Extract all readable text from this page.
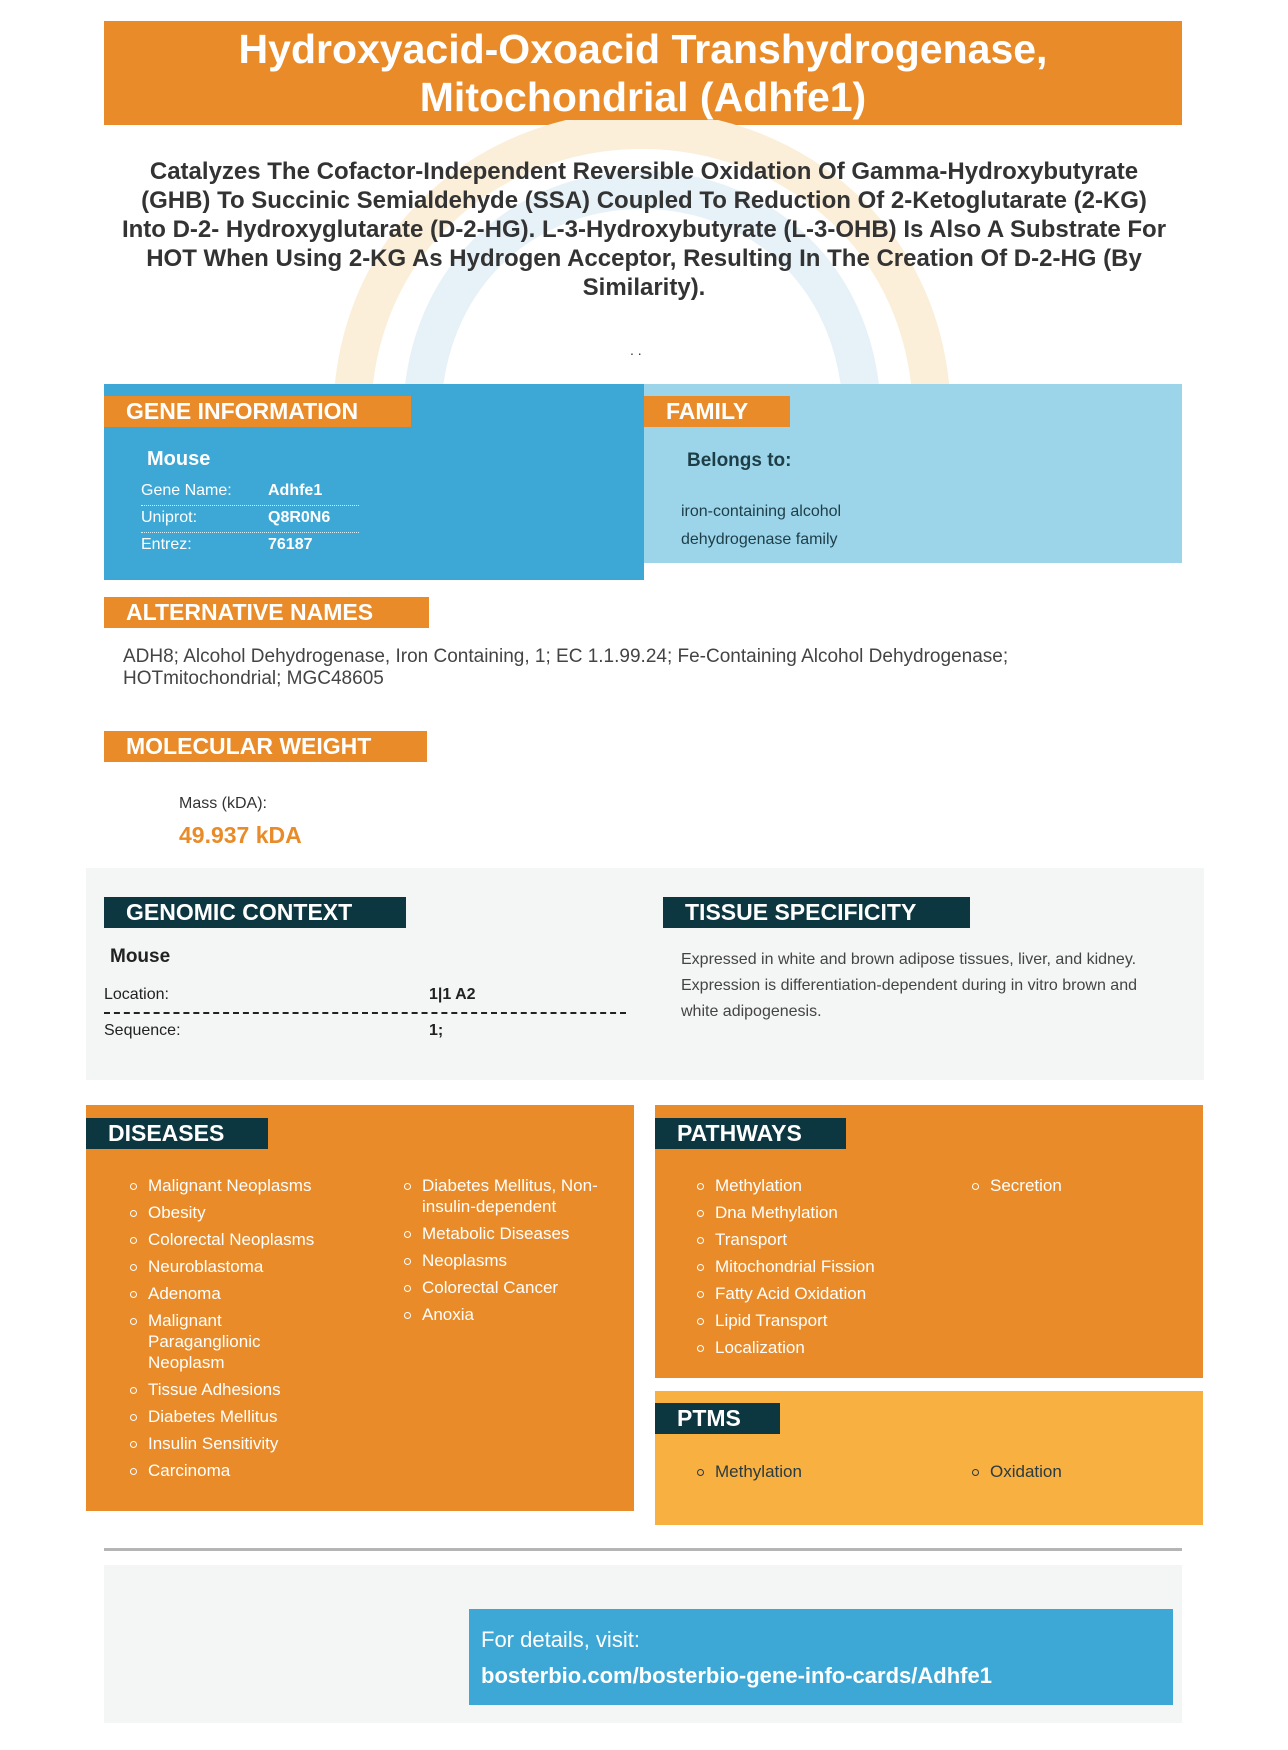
Hydroxyacid-Oxoacid Transhydrogenase, Mitochondrial (Adhfe1)
Catalyzes The Cofactor-Independent Reversible Oxidation Of Gamma-Hydroxybutyrate (GHB) To Succinic Semialdehyde (SSA) Coupled To Reduction Of 2-Ketoglutarate (2-KG) Into D-2- Hydroxyglutarate (D-2-HG). L-3-Hydroxybutyrate (L-3-OHB) Is Also A Substrate For HOT When Using 2-KG As Hydrogen Acceptor, Resulting In The Creation Of D-2-HG (By Similarity).
. .
GENE INFORMATION
Mouse
Gene Name: Adhfe1
Uniprot:	Q8R0N6
Entrez:	76187
FAMILY
Belongs to:
iron-containing alcohol dehydrogenase family
ALTERNATIVE NAMES
ADH8; Alcohol Dehydrogenase, Iron Containing, 1; EC 1.1.99.24; Fe-Containing Alcohol Dehydrogenase; HOTmitochondrial; MGC48605
MOLECULAR WEIGHT
Mass (kDA):
49.937 kDA
GENOMIC CONTEXT
Mouse
Location:	1|1 A2
Sequence:	1;
TISSUE SPECIFICITY
Expressed in white and brown adipose tissues, liver, and kidney. Expression is differentiation-dependent during in vitro brown and white adipogenesis.
DISEASES
Malignant Neoplasms
Obesity
Colorectal Neoplasms
Neuroblastoma
Adenoma
Malignant Paraganglionic Neoplasm
Tissue Adhesions
Diabetes Mellitus
Insulin Sensitivity
Carcinoma
Diabetes Mellitus, Non-insulin-dependent
Metabolic Diseases
Neoplasms
Colorectal Cancer
Anoxia
PATHWAYS
Methylation
Dna Methylation
Transport
Mitochondrial Fission
Fatty Acid Oxidation
Lipid Transport
Localization
Secretion
PTMS
Methylation	Oxidation
For details, visit:
bosterbio.com/bosterbio-gene-info-cards/Adhfe1
